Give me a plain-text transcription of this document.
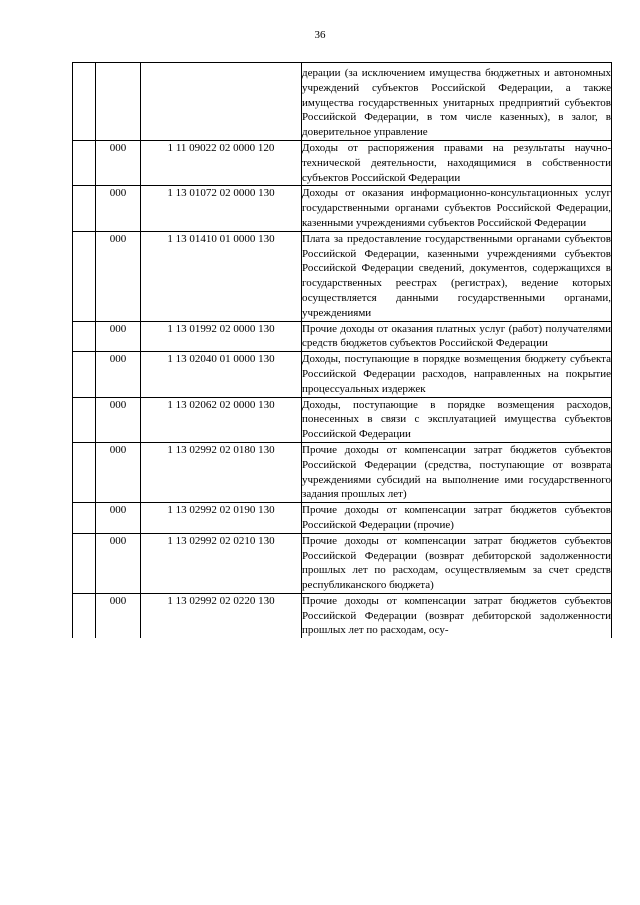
36
			дерации (за исключением имущества бюджетных и автономных учреждений субъектов Российской Федерации, а также имущества государственных унитарных предприятий субъектов Российской Федерации, в том числе казенных), в залог, в доверительное управление
	000	1 11 09022 02 0000 120	Доходы от распоряжения правами на результаты научно-технической деятельности, находящимися в собственности субъектов Российской Федерации
	000	1 13 01072 02 0000 130	Доходы от оказания информационно-консультационных услуг государственными органами субъектов Российской Федерации, казенными учреждениями субъектов Российской Федерации
	000	1 13 01410 01 0000 130	Плата за предоставление государственными органами субъектов Российской Федерации, казенными учреждениями субъектов Российской Федерации сведений, документов, содержащихся в государственных реестрах (регистрах), ведение которых осуществляется данными государственными органами, учреждениями
	000	1 13 01992 02 0000 130	Прочие доходы от оказания платных услуг (работ) получателями средств бюджетов субъектов Российской Федерации
	000	1 13 02040 01 0000 130	Доходы, поступающие в порядке возмещения бюджету субъекта Российской Федерации расходов, направленных на покрытие процессуальных издержек
	000	1 13 02062 02 0000 130	Доходы, поступающие в порядке возмещения расходов, понесенных в связи с эксплуатацией имущества субъектов Российской Федерации
	000	1 13 02992 02 0180 130	Прочие доходы от компенсации затрат бюджетов субъектов Российской Федерации (средства, поступающие от возврата учреждениями субсидий на выполнение ими государственного задания прошлых лет)
	000	1 13 02992 02 0190 130	Прочие доходы от компенсации затрат бюджетов субъектов Российской Федерации (прочие)
	000	1 13 02992 02 0210 130	Прочие доходы от компенсации затрат бюджетов субъектов Российской Федерации (возврат дебиторской задолженности прошлых лет по расходам, осуществляемым за счет средств республиканского бюджета)
	000	1 13 02992 02 0220 130	Прочие доходы от компенсации затрат бюджетов субъектов Российской Федерации (возврат дебиторской задолженности прошлых лет по расходам, осу-
